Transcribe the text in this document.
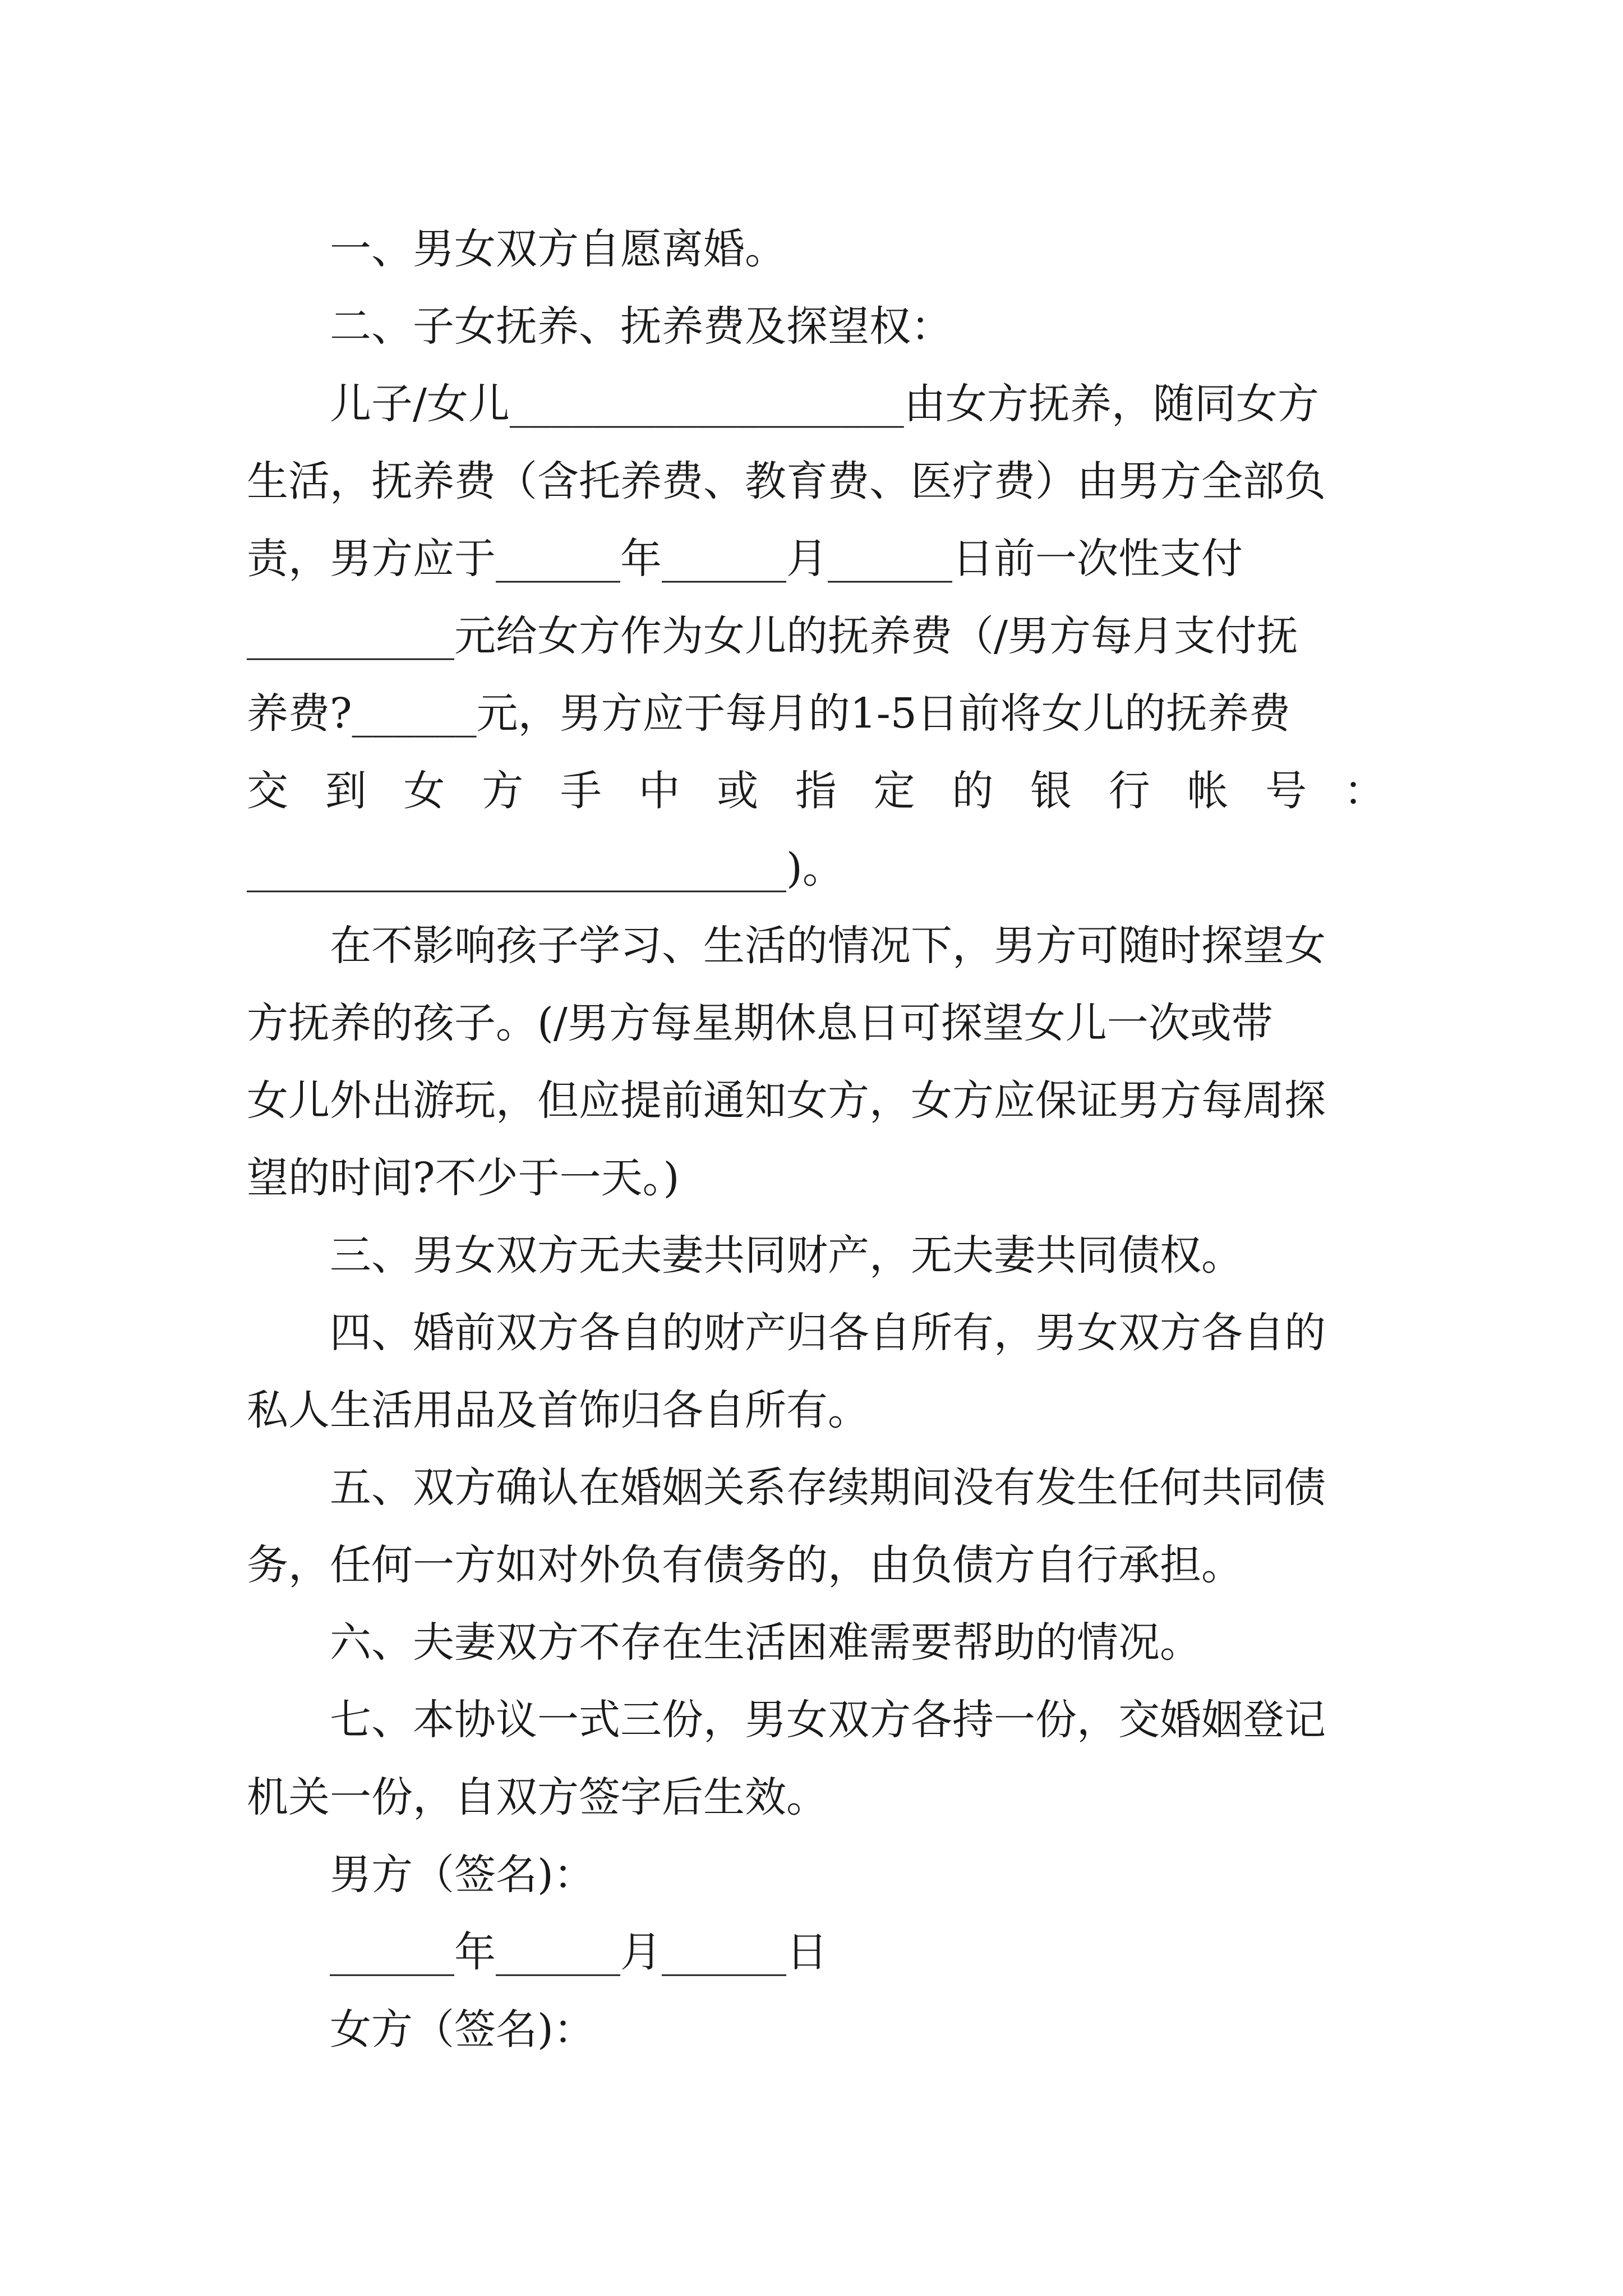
一、男女双方自愿离婚。
二、子女抚养、抚养费及探望权：
儿子/女儿___________________由女方抚养，随同女方
生活，抚养费（含托养费、教育费、医疗费）由男方全部负
责，男方应于______年______月______日前一次性支付
__________元给女方作为女儿的抚养费（/男方每月支付抚
养费?______元，男方应于每月的1-5日前将女儿的抚养费
交 到 女 方 手 中 或 指 定 的 银 行 帐 号 ：
__________________________)。
在不影响孩子学习、生活的情况下，男方可随时探望女
方抚养的孩子。(/男方每星期休息日可探望女儿一次或带
女儿外出游玩，但应提前通知女方，女方应保证男方每周探
望的时间?不少于一天。)
三、男女双方无夫妻共同财产，无夫妻共同债权。
四、婚前双方各自的财产归各自所有，男女双方各自的
私人生活用品及首饰归各自所有。
五、双方确认在婚姻关系存续期间没有发生任何共同债
务，任何一方如对外负有债务的，由负债方自行承担。
六、夫妻双方不存在生活困难需要帮助的情况。
七、本协议一式三份，男女双方各持一份，交婚姻登记
机关一份，自双方签字后生效。
男方（签名)：
______年______月______日
女方（签名)：
